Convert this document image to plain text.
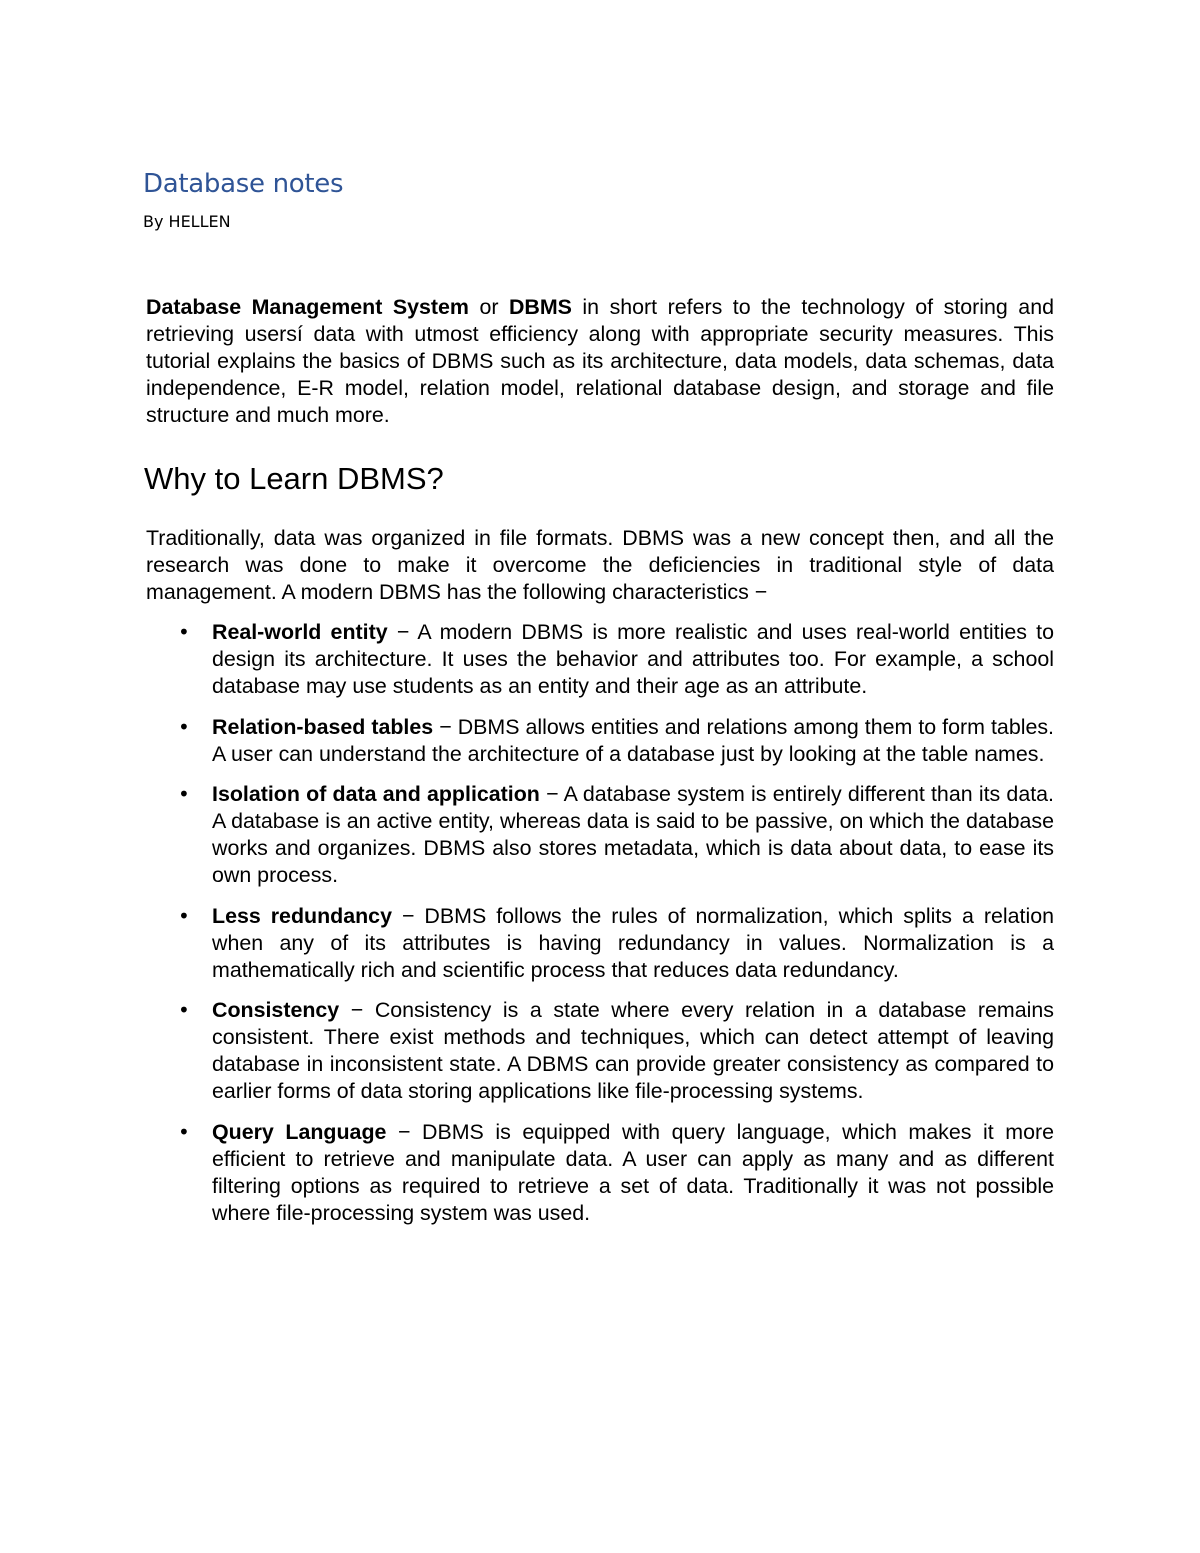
Database notes

By HELLEN

Database Management System or DBMS in short refers to the technology of storing and retrieving usersí data with utmost efficiency along with appropriate security measures. This tutorial explains the basics of DBMS such as its architecture, data models, data schemas, data independence, E-R model, relation model, relational database design, and storage and file structure and much more.

Why to Learn DBMS?

Traditionally, data was organized in file formats. DBMS was a new concept then, and all the research was done to make it overcome the deficiencies in traditional style of data management. A modern DBMS has the following characteristics −

• Real-world entity − A modern DBMS is more realistic and uses real-world entities to design its architecture. It uses the behavior and attributes too. For example, a school database may use students as an entity and their age as an attribute.
• Relation-based tables − DBMS allows entities and relations among them to form tables. A user can understand the architecture of a database just by looking at the table names.
• Isolation of data and application − A database system is entirely different than its data. A database is an active entity, whereas data is said to be passive, on which the database works and organizes. DBMS also stores metadata, which is data about data, to ease its own process.
• Less redundancy − DBMS follows the rules of normalization, which splits a relation when any of its attributes is having redundancy in values. Normalization is a mathematically rich and scientific process that reduces data redundancy.
• Consistency − Consistency is a state where every relation in a database remains consistent. There exist methods and techniques, which can detect attempt of leaving database in inconsistent state. A DBMS can provide greater consistency as compared to earlier forms of data storing applications like file-processing systems.
• Query Language − DBMS is equipped with query language, which makes it more efficient to retrieve and manipulate data. A user can apply as many and as different filtering options as required to retrieve a set of data. Traditionally it was not possible where file-processing system was used.
